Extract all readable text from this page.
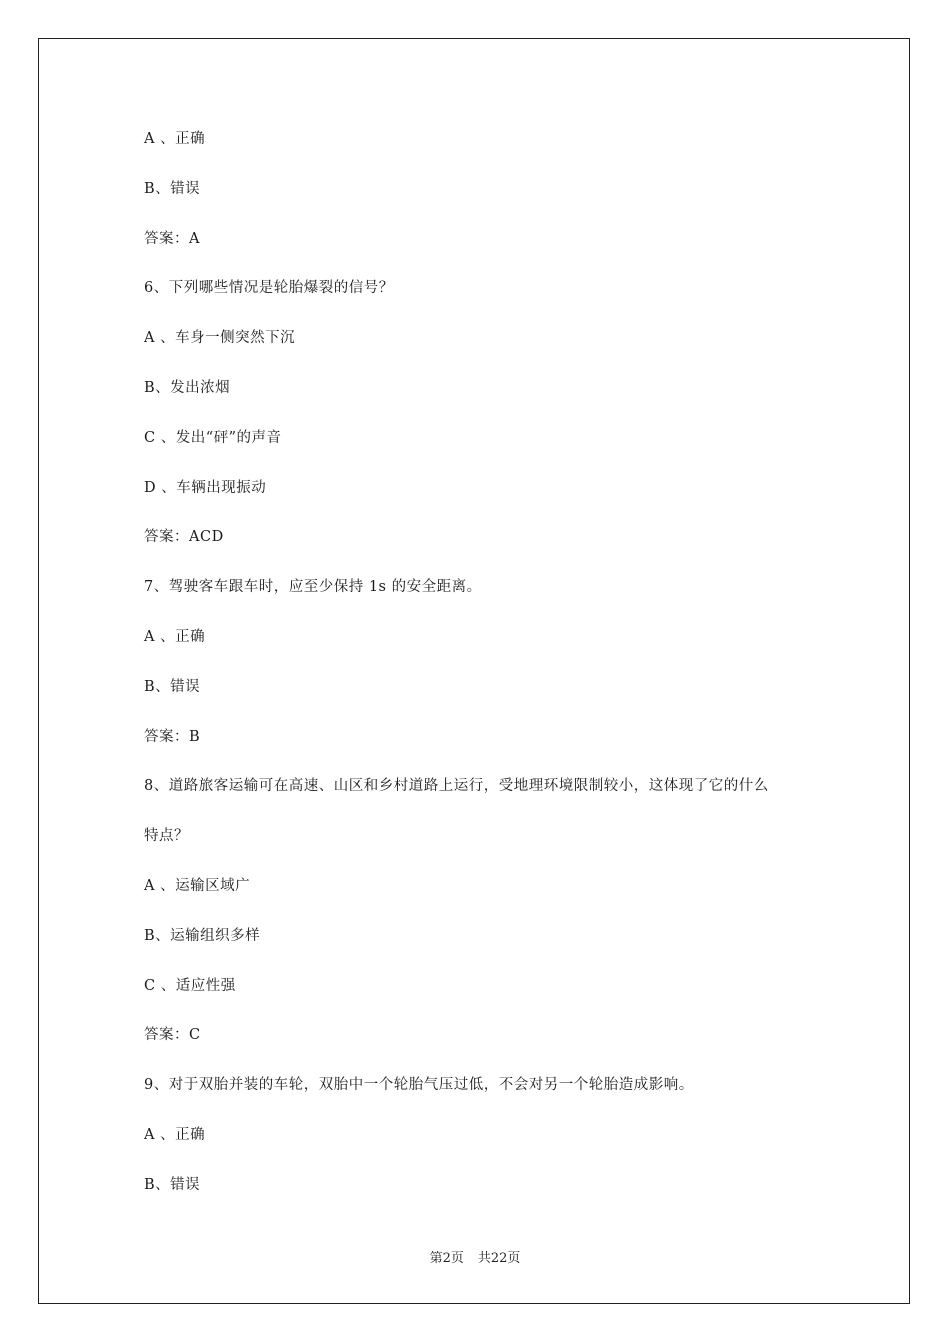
A 、正确
B、错误
答案：A
6、下列哪些情况是轮胎爆裂的信号？
A 、车身一侧突然下沉
B、发出浓烟
C 、发出“砰”的声音
D 、车辆出现振动
答案：ACD
7、驾驶客车跟车时，应至少保持 1s 的安全距离。
A 、正确
B、错误
答案：B
8、道路旅客运输可在高速、山区和乡村道路上运行，受地理环境限制较小，这体现了它的什么
特点？
A 、运输区域广
B、运输组织多样
C 、适应性强
答案：C
9、对于双胎并装的车轮，双胎中一个轮胎气压过低，不会对另一个轮胎造成影响。
A 、正确
B、错误
第2页 共22页
